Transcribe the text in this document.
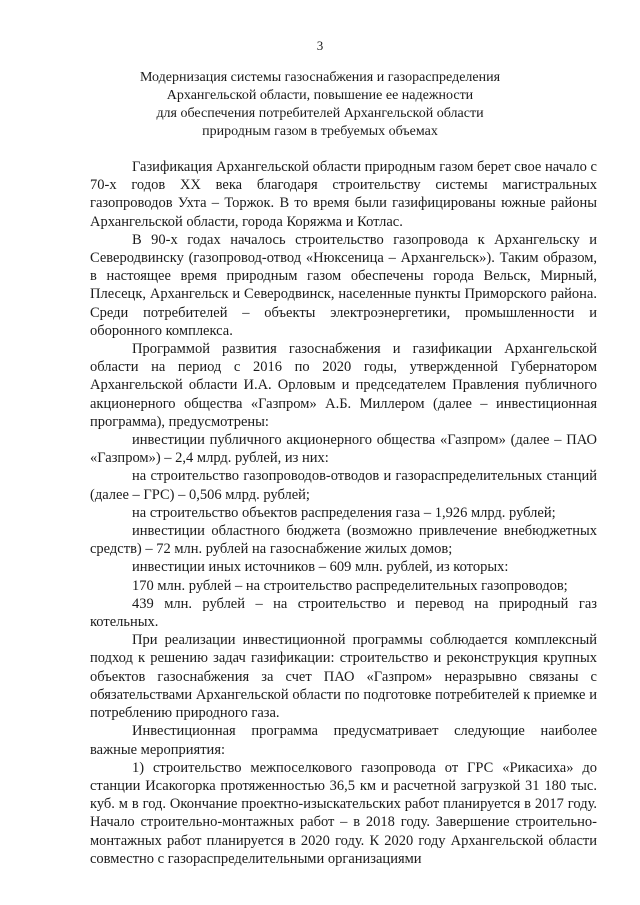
3
Модернизация системы газоснабжения и газораспределения
Архангельской области, повышение ее надежности
для обеспечения потребителей Архангельской области
природным газом в требуемых объемах

Газификация Архангельской области природным газом берет свое начало с 70-х годов XX века благодаря строительству системы магистральных газопроводов Ухта – Торжок. В то время были газифицированы южные районы Архангельской области, города Коряжма и Котлас.

В 90-х годах началось строительство газопровода к Архангельску и Северодвинску (газопровод-отвод «Нюксеница – Архангельск»). Таким образом, в настоящее время природным газом обеспечены города Вельск, Мирный, Плесецк, Архангельск и Северодвинск, населенные пункты Приморского района. Среди потребителей – объекты электроэнергетики, промышленности и оборонного комплекса.

Программой развития газоснабжения и газификации Архангельской области на период с 2016 по 2020 годы, утвержденной Губернатором Архангельской области И.А. Орловым и председателем Правления публичного акционерного общества «Газпром» А.Б. Миллером (далее – инвестиционная программа), предусмотрены:

инвестиции публичного акционерного общества «Газпром» (далее – ПАО «Газпром») – 2,4 млрд. рублей, из них:

на строительство газопроводов-отводов и газораспределительных станций (далее – ГРС) – 0,506 млрд. рублей;

на строительство объектов распределения газа – 1,926 млрд. рублей;

инвестиции областного бюджета (возможно привлечение внебюджетных средств) – 72 млн. рублей на газоснабжение жилых домов;

инвестиции иных источников – 609 млн. рублей, из которых:

170 млн. рублей – на строительство распределительных газопроводов;

439 млн. рублей – на строительство и перевод на природный газ котельных.

При реализации инвестиционной программы соблюдается комплексный подход к решению задач газификации: строительство и реконструкция крупных объектов газоснабжения за счет ПАО «Газпром» неразрывно связаны с обязательствами Архангельской области по подготовке потребителей к приемке и потреблению природного газа.

Инвестиционная программа предусматривает следующие наиболее важные мероприятия:

1) строительство межпоселкового газопровода от ГРС «Рикасиха» до станции Исакогорка протяженностью 36,5 км и расчетной загрузкой 31 180 тыс. куб. м в год. Окончание проектно-изыскательских работ планируется в 2017 году. Начало строительно-монтажных работ – в 2018 году. Завершение строительно-монтажных работ планируется в 2020 году. К 2020 году Архангельской области совместно с газораспределительными организациями
